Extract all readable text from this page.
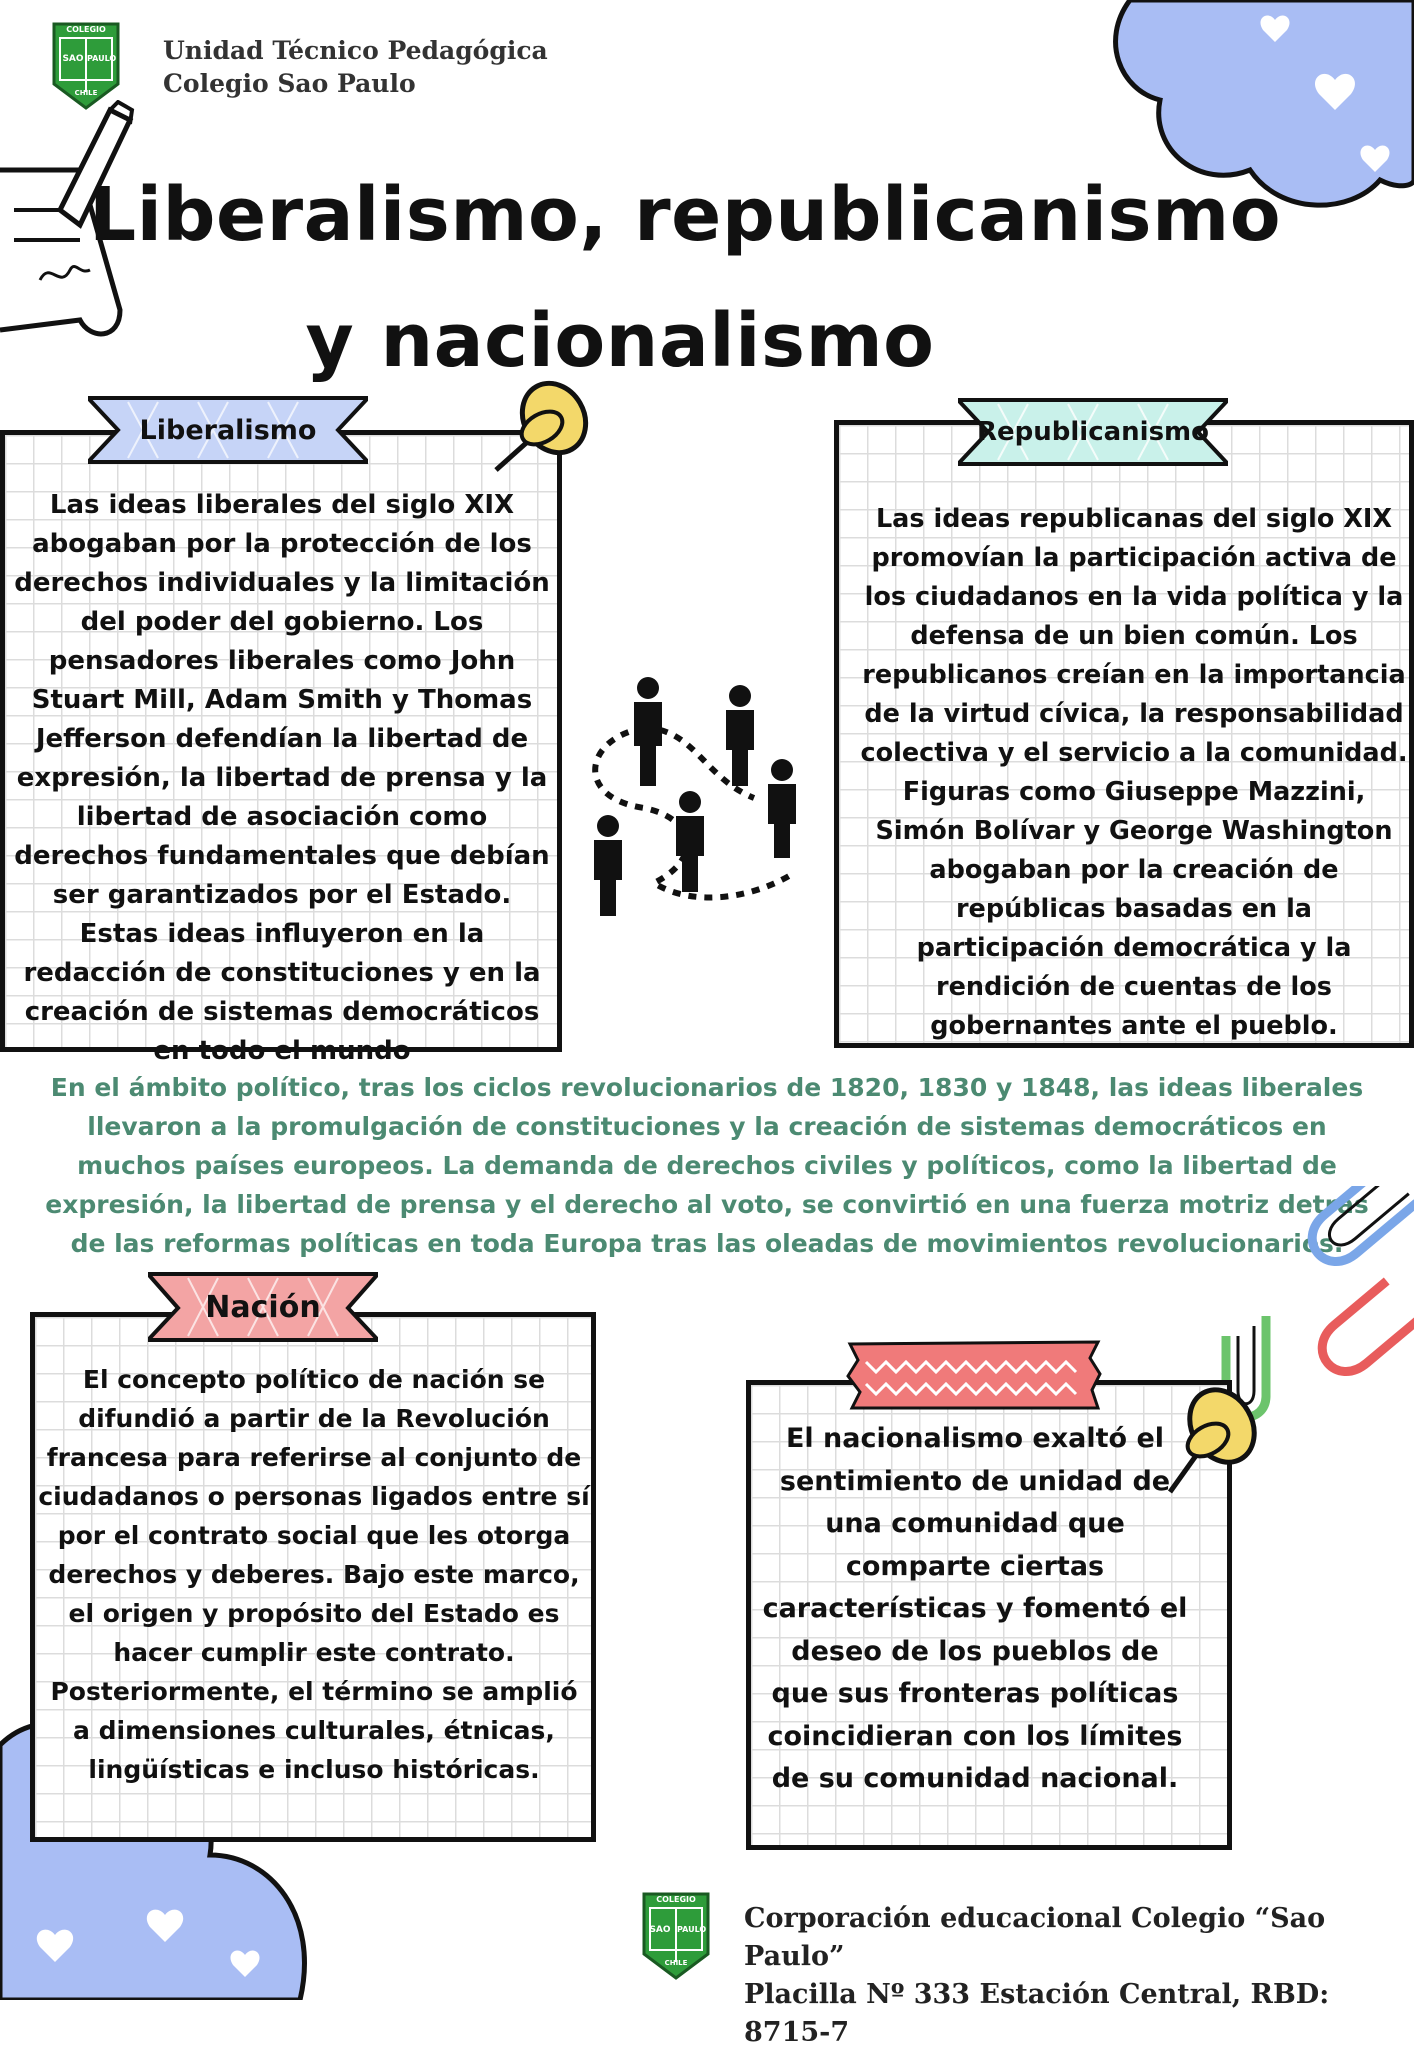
COLEGIO
SAO PAULO
CHILE
Unidad Técnico Pedagógica
Colegio Sao Paulo
Liberalismo, republicanismo
y nacionalismo
Liberalismo
Las ideas liberales del siglo XIX abogaban por la protección de los derechos individuales y la limitación del poder del gobierno. Los pensadores liberales como John Stuart Mill, Adam Smith y Thomas Jefferson defendían la libertad de expresión, la libertad de prensa y la libertad de asociación como derechos fundamentales que debían ser garantizados por el Estado. Estas ideas influyeron en la redacción de constituciones y en la creación de sistemas democráticos en todo el mundo
Republicanismo
Las ideas republicanas del siglo XIX promovían la participación activa de los ciudadanos en la vida política y la defensa de un bien común. Los republicanos creían en la importancia de la virtud cívica, la responsabilidad colectiva y el servicio a la comunidad. Figuras como Giuseppe Mazzini, Simón Bolívar y George Washington abogaban por la creación de repúblicas basadas en la participación democrática y la rendición de cuentas de los gobernantes ante el pueblo.
En el ámbito político, tras los ciclos revolucionarios de 1820, 1830 y 1848, las ideas liberales llevaron a la promulgación de constituciones y la creación de sistemas democráticos en muchos países europeos. La demanda de derechos civiles y políticos, como la libertad de expresión, la libertad de prensa y el derecho al voto, se convirtió en una fuerza motriz detrás de las reformas políticas en toda Europa tras las oleadas de movimientos revolucionarios.
Nación
El concepto político de nación se difundió a partir de la Revolución francesa para referirse al conjunto de ciudadanos o personas ligados entre sí por el contrato social que les otorga derechos y deberes. Bajo este marco, el origen y propósito del Estado es hacer cumplir este contrato. Posteriormente, el término se amplió a dimensiones culturales, étnicas, lingüísticas e incluso históricas.
El nacionalismo exaltó el sentimiento de unidad de una comunidad que comparte ciertas características y fomentó el deseo de los pueblos de que sus fronteras políticas coincidieran con los límites de su comunidad nacional.
COLEGIO
SAO PAULO
CHILE
Corporación educacional Colegio “Sao Paulo”
Placilla Nº 333 Estación Central, RBD: 8715-7
